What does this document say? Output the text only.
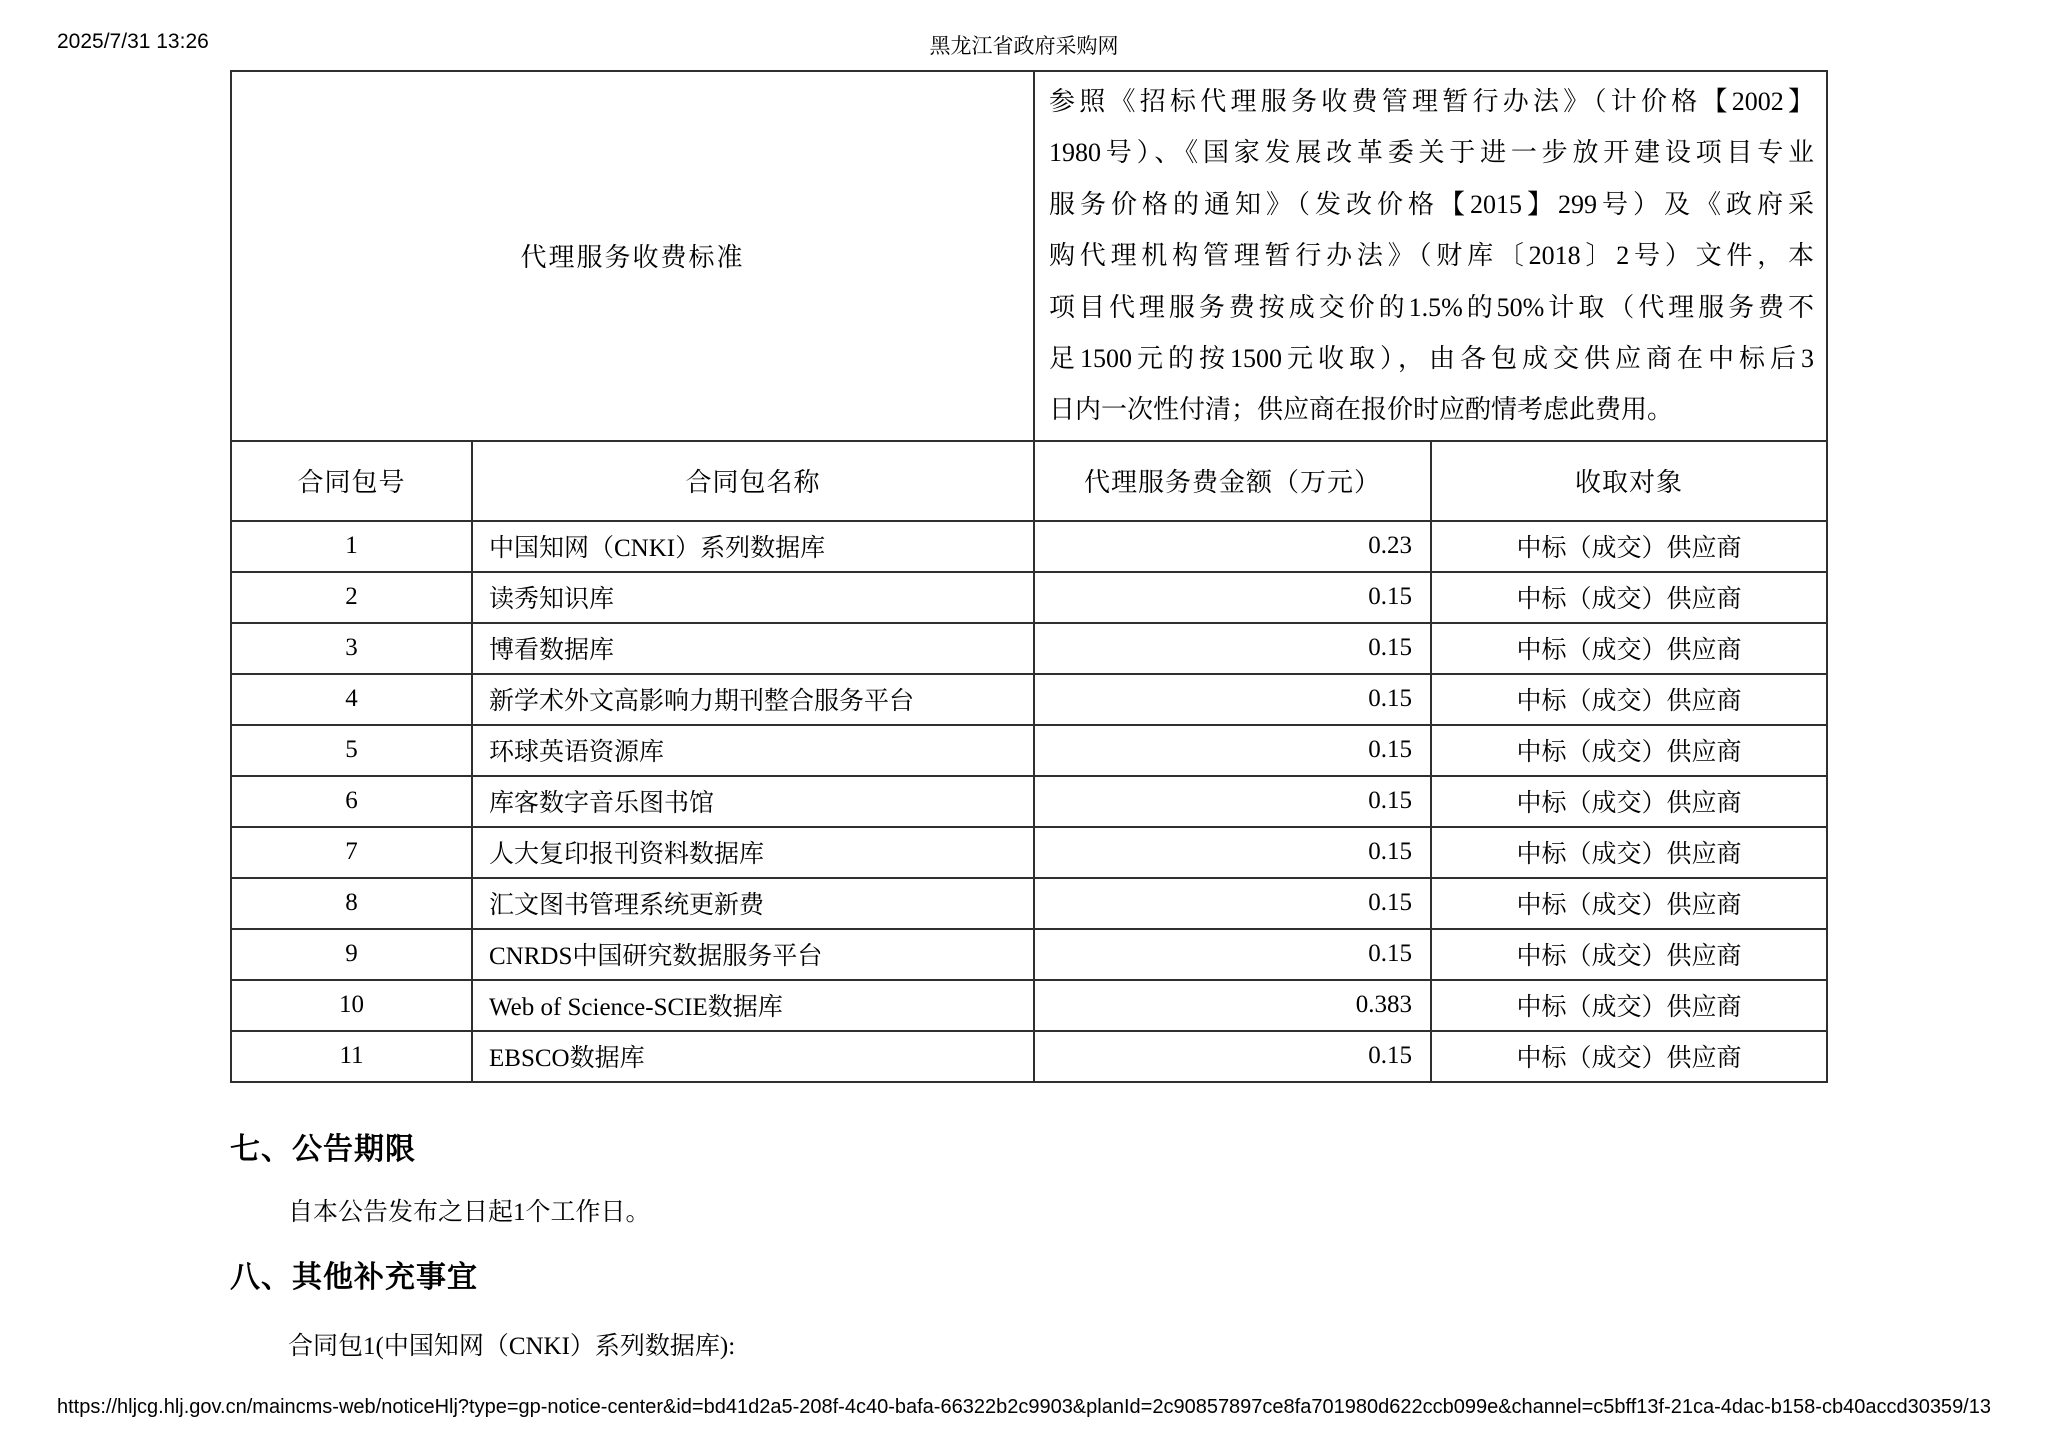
2025/7/31 13:26	黑龙江省政府采购网
代理服务收费标准	
参照《招标代理服务收费管理暂行办法》（计价格【2002】
1980号）、《国家发展改革委关于进一步放开建设项目专业
服务价格的通知》（发改价格【2015】299号）及《政府采
购代理机构管理暂行办法》（财库〔2018〕2号）文件，本
项目代理服务费按成交价的1.5%的50%计取（代理服务费不
足1500元的按1500元收取），由各包成交供应商在中标后3
日内一次性付清；供应商在报价时应酌情考虑此费用。

合同包号	合同包名称	代理服务费金额（万元）	收取对象
1	中国知网（CNKI）系列数据库	0.23	中标（成交）供应商
2	读秀知识库	0.15	中标（成交）供应商
3	博看数据库	0.15	中标（成交）供应商
4	新学术外文高影响力期刊整合服务平台	0.15	中标（成交）供应商
5	环球英语资源库	0.15	中标（成交）供应商
6	库客数字音乐图书馆	0.15	中标（成交）供应商
7	人大复印报刊资料数据库	0.15	中标（成交）供应商
8	汇文图书管理系统更新费	0.15	中标（成交）供应商
9	CNRDS中国研究数据服务平台	0.15	中标（成交）供应商
10	Web of Science-SCIE数据库	0.383	中标（成交）供应商
11	EBSCO数据库	0.15	中标（成交）供应商
七、公告期限
自本公告发布之日起1个工作日。
八、其他补充事宜
合同包1(中国知网（CNKI）系列数据库):
https://hljcg.hlj.gov.cn/maincms-web/noticeHlj?type=gp-notice-center&id=bd41d2a5-208f-4c40-bafa-66322b2c9903&planId=2c90857897ce8fa701980d622ccb099e&channel=c5bff13f-21ca-4dac-b158-cb40accd3035 9/13
